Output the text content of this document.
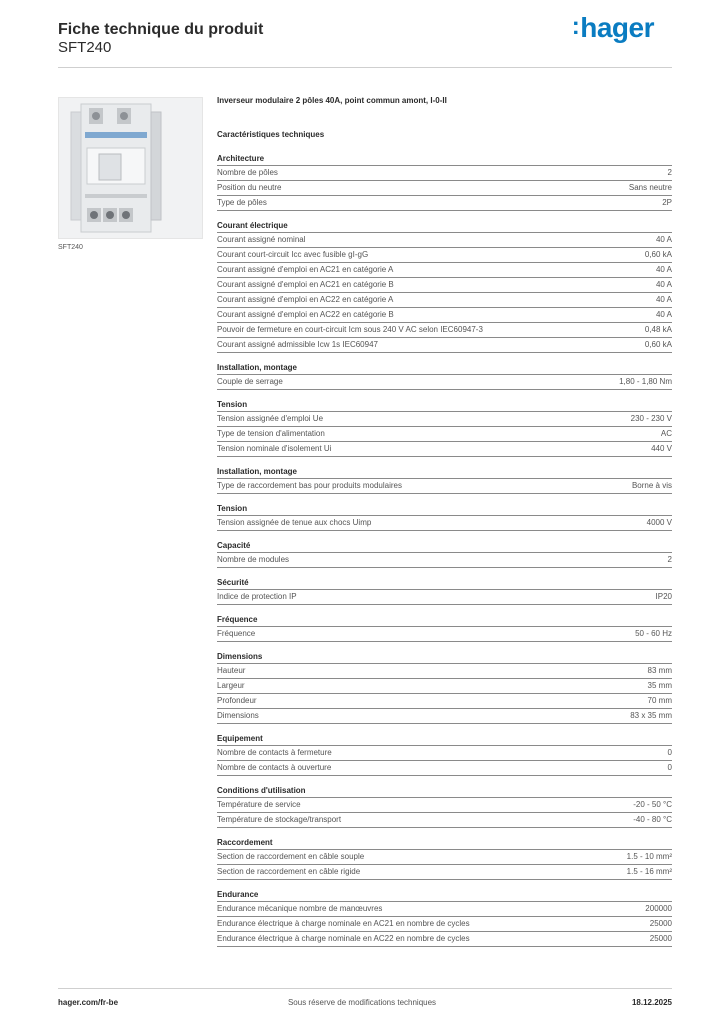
Fiche technique du produit
SFT240
:hager
SFT240
Inverseur modulaire 2 pôles 40A, point commun amont, I-0-II
Caractéristiques techniques
Architecture
Nombre de pôles	2
Position du neutre	Sans neutre
Type de pôles	2P
Courant électrique
Courant assigné nominal	40 A
Courant court-circuit Icc avec fusible gI-gG	0,60 kA
Courant assigné d'emploi en AC21 en catégorie A	40 A
Courant assigné d'emploi en AC21 en catégorie B	40 A
Courant assigné d'emploi en AC22 en catégorie A	40 A
Courant assigné d'emploi en AC22 en catégorie B	40 A
Pouvoir de fermeture en court-circuit Icm sous 240 V AC selon IEC60947-3	0,48 kA
Courant assigné admissible Icw 1s IEC60947	0,60 kA
Installation, montage
Couple de serrage	1,80 - 1,80 Nm
Tension
Tension assignée d'emploi Ue	230 - 230 V
Type de tension d'alimentation	AC
Tension nominale d'isolement Ui	440 V
Installation, montage
Type de raccordement bas pour produits modulaires	Borne à vis
Tension
Tension assignée de tenue aux chocs Uimp	4000 V
Capacité
Nombre de modules	2
Sécurité
Indice de protection IP	IP20
Fréquence
Fréquence	50 - 60 Hz
Dimensions
Hauteur	83 mm
Largeur	35 mm
Profondeur	70 mm
Dimensions	83 x 35 mm
Equipement
Nombre de contacts à fermeture	0
Nombre de contacts à ouverture	0
Conditions d'utilisation
Température de service	-20 - 50 °C
Température de stockage/transport	-40 - 80 °C
Raccordement
Section de raccordement en câble souple	1.5 - 10 mm²
Section de raccordement en câble rigide	1.5 - 16 mm²
Endurance
Endurance mécanique nombre de manœuvres	200000
Endurance électrique à charge nominale en AC21 en nombre de cycles	25000
Endurance électrique à charge nominale en AC22 en nombre de cycles	25000
hager.com/fr-be	Sous réserve de modifications techniques	18.12.2025
